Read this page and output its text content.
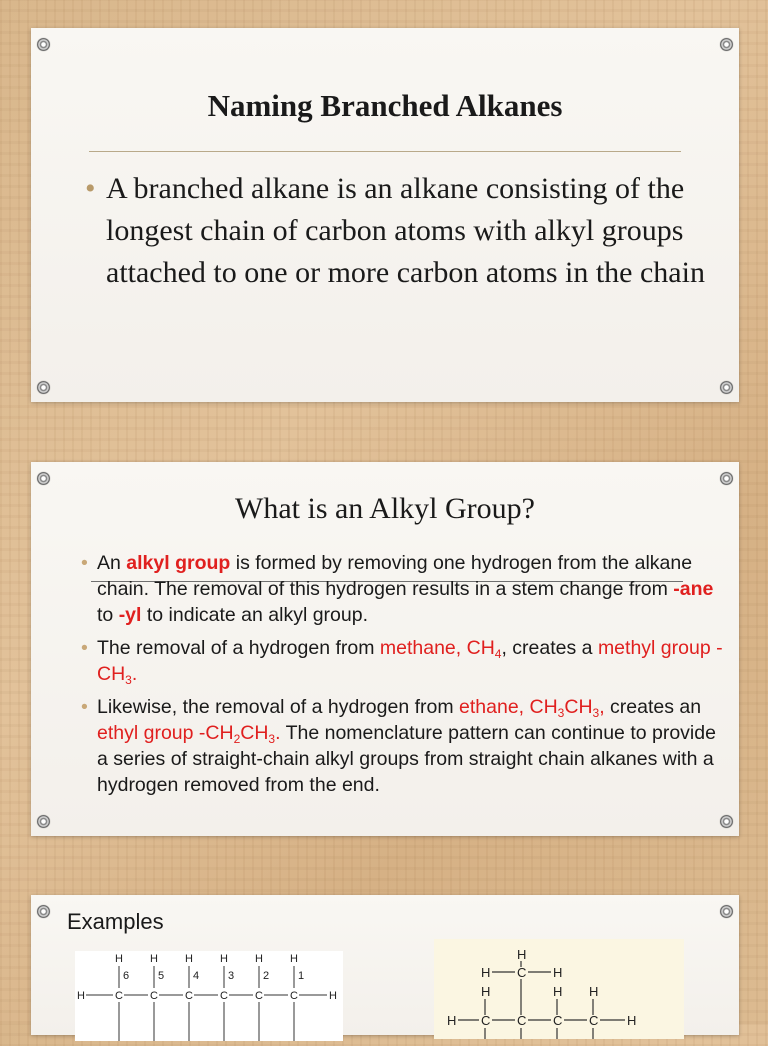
Naming Branched Alkanes
• A branched alkane is an alkane consisting of the longest chain of carbon atoms with alkyl groups attached to one or more carbon atoms in the chain
What is an Alkyl Group?
• An alkyl group is formed by removing one hydrogen from the alkane chain. The removal of this hydrogen results in a stem change from -ane to -yl to indicate an alkyl group.
• The removal of a hydrogen from methane, $CH_4$, creates a methyl group $-CH_3$.
• Likewise, the removal of a hydrogen from ethane, $CH_3CH_3$, creates an ethyl group $-CH_2CH_3$. The nomenclature pattern can continue to provide a series of straight-chain alkyl groups from straight chain alkanes with a hydrogen removed from the end.
Examples
H H H H H H
6	5	4	3	2	1
H	C C C C C C	H
H
H C H
H	H H
H C C C C H
